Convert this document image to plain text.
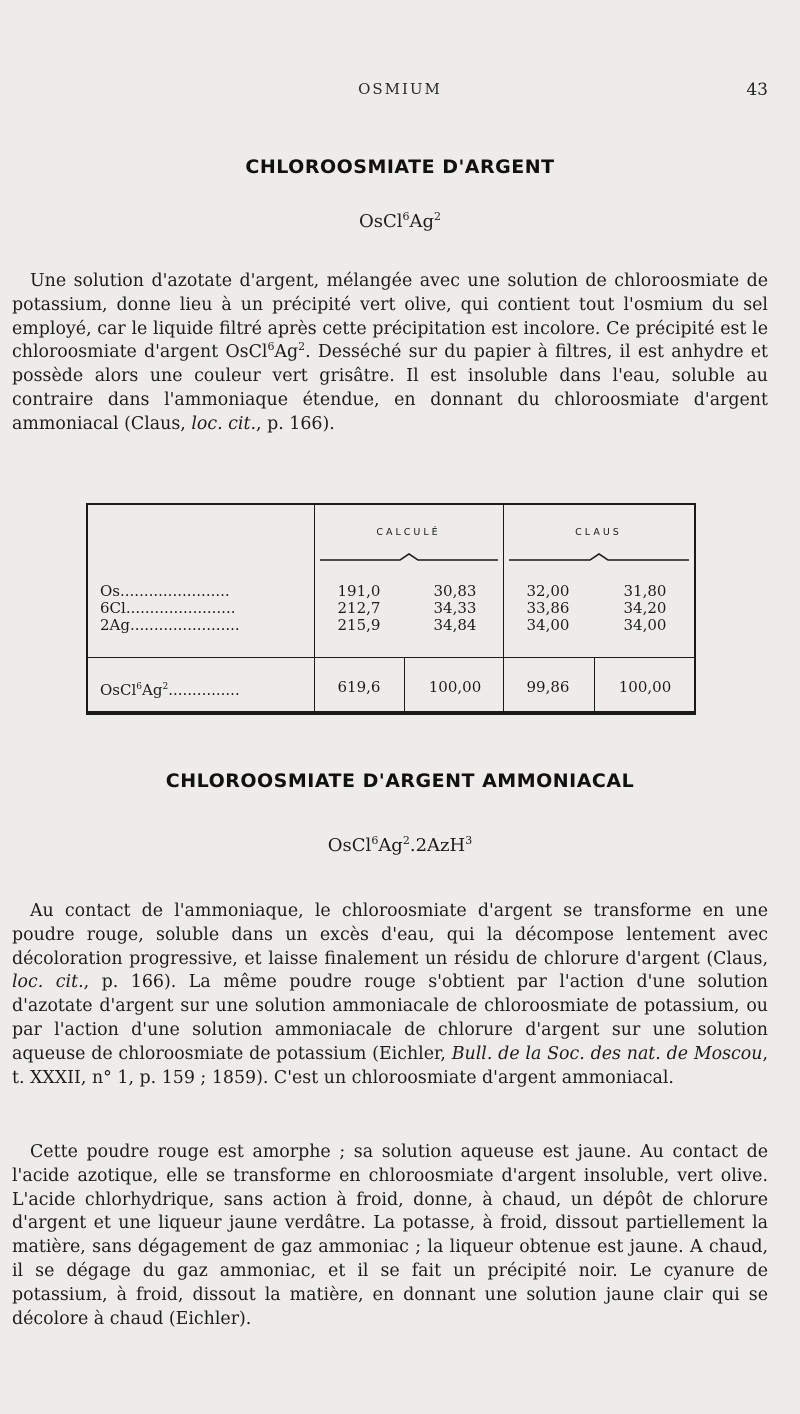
OSMIUM	43
CHLOROOSMIATE D'ARGENT
OsCl$^6$Ag$^2$

Une solution d'azotate d'argent, mélangée avec une solution de chloroosmiate de potassium, donne lieu à un précipité vert olive, qui contient tout l'osmium du sel employé, car le liquide filtré après cette précipitation est incolore. Ce précipité est le chloroosmiate d'argent OsCl$^6$Ag$^2$. Desséché sur du papier à filtres, il est anhydre et possède alors une couleur vert grisâtre. Il est insoluble dans l'eau, soluble au contraire dans l'ammoniaque étendue, en donnant du chloroosmiate d'argent ammoniacal (Claus, loc. cit., p. 166).

CALCULÉ	CLAUS
Os.......................	191,0	30,83	32,00	31,80
6Cl.......................	212,7	34,33	33,86	34,20
2Ag.......................	215,9	34,84	34,00	34,00
OsCl$^6$Ag$^2$...............	619,6	100,00	99,86	100,00
CHLOROOSMIATE D'ARGENT AMMONIACAL
OsCl$^6$Ag$^2$.2AzH$^3$

Au contact de l'ammoniaque, le chloroosmiate d'argent se transforme en une poudre rouge, soluble dans un excès d'eau, qui la décompose lentement avec décoloration progressive, et laisse finalement un résidu de chlorure d'argent (Claus, loc. cit., p. 166). La même poudre rouge s'obtient par l'action d'une solution d'azotate d'argent sur une solution ammoniacale de chloroosmiate de potassium, ou par l'action d'une solution ammoniacale de chlorure d'argent sur une solution aqueuse de chloroosmiate de potassium (Eichler, Bull. de la Soc. des nat. de Moscou, t. XXXII, n° 1, p. 159 ; 1859). C'est un chloroosmiate d'argent ammoniacal.

Cette poudre rouge est amorphe ; sa solution aqueuse est jaune. Au contact de l'acide azotique, elle se transforme en chloroosmiate d'argent insoluble, vert olive. L'acide chlorhydrique, sans action à froid, donne, à chaud, un dépôt de chlorure d'argent et une liqueur jaune verdâtre. La potasse, à froid, dissout partiellement la matière, sans dégagement de gaz ammoniac ; la liqueur obtenue est jaune. A chaud, il se dégage du gaz ammoniac, et il se fait un précipité noir. Le cyanure de potassium, à froid, dissout la matière, en donnant une solution jaune clair qui se décolore à chaud (Eichler).
